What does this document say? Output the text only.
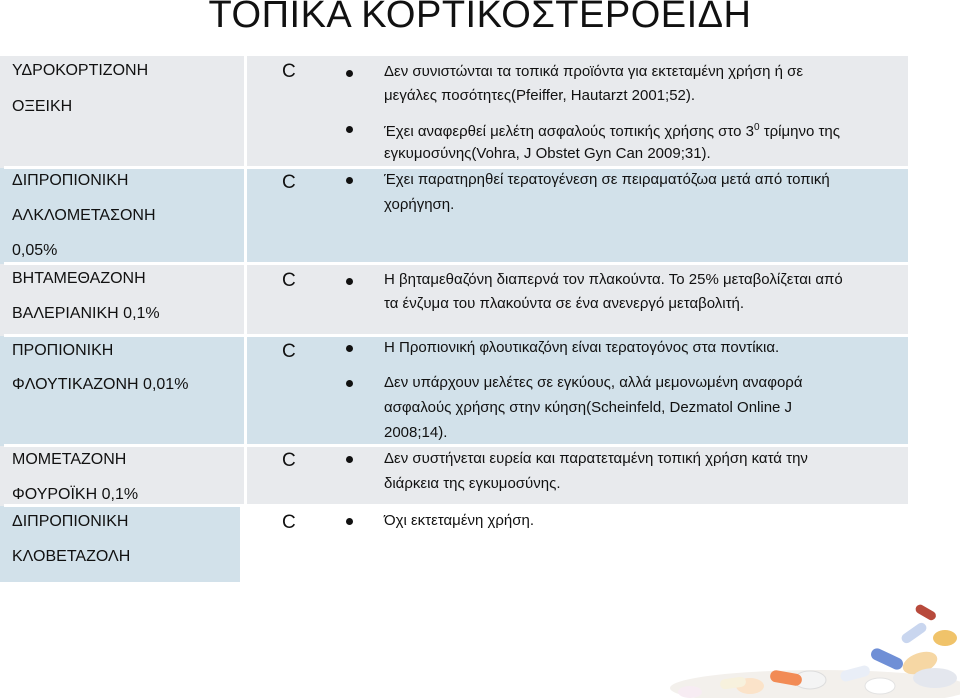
ΤΟΠΙΚΑ ΚΟΡΤΙΚΟΣΤΕΡΟΕΙΔΗ
ΥΔΡΟΚΟΡΤΙΖΟΝΗ
ΟΞΕΙΚΗ
ΔΙΠΡΟΠΙΟΝΙΚΗ
ΑΛΚΛΟΜΕΤΑΣΟΝΗ
0,05%
ΒΗΤΑΜΕΘΑΖΟΝΗ
ΒΑΛΕΡΙΑΝΙΚΗ 0,1%
ΠΡΟΠΙΟΝΙΚΗ
ΦΛΟΥΤΙΚΑΖΟΝΗ 0,01%
ΜΟΜΕΤΑΖΟΝΗ
ΦΟΥΡΟΪΚΗ 0,1%
ΔΙΠΡΟΠΙΟΝΙΚΗ
ΚΛΟΒΕΤΑΖΟΛΗ
C
C
C
C
C
C
Δεν συνιστώνται τα τοπικά προϊόντα για εκτεταμένη χρήση ή σε
μεγάλες ποσότητες(Pfeiffer, Hautarzt 2001;52).
Έχει αναφερθεί μελέτη ασφαλούς τοπικής χρήσης στο $3^0$ τρίμηνο της
εγκυμοσύνης(Vohra, J Obstet Gyn Can 2009;31).
Έχει παρατηρηθεί τερατογένεση σε πειραματόζωα μετά από τοπική
χορήγηση.
Η βηταμεθαζόνη διαπερνά τον πλακούντα. Το 25% μεταβολίζεται από
τα ένζυμα του πλακούντα σε ένα ανενεργό μεταβολιτή.
Η Προπιονική φλουτικαζόνη είναι τερατογόνος στα ποντίκια.
Δεν υπάρχουν μελέτες σε εγκύους, αλλά μεμονωμένη αναφορά
ασφαλούς χρήσης στην κύηση(Scheinfeld, Dezmatol Online J
2008;14).
Δεν συστήνεται ευρεία και παρατεταμένη τοπική χρήση κατά την
διάρκεια της εγκυμοσύνης.
Όχι εκτεταμένη χρήση.
